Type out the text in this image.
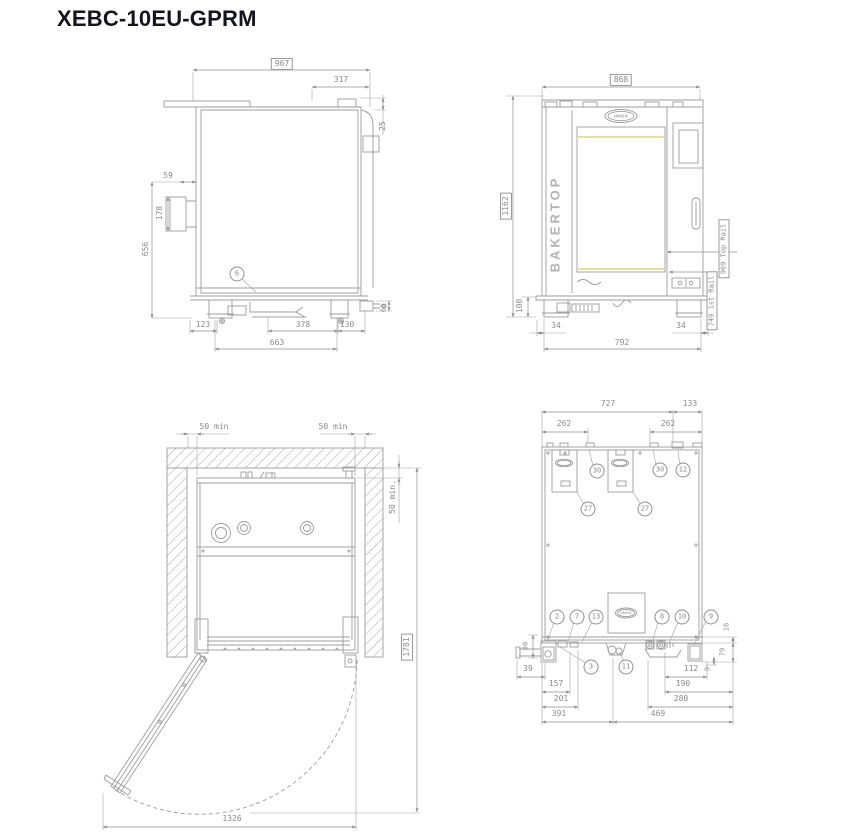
XEBC-10EU-GPRM
967
317
25
59
178
656
123	378	130
663
60
6
868
1162
969 Top Rail
749 1st Rail
100
34	34
792
BAKERTOP
UNOX
50 min	50 min
50 min.
1781
1326
727	133
262	262
39
157
201
391
112
190
280
469
80
16
79
9
UNOX
30	30	12
27	27
2	7	13	8	10	9
3	11
